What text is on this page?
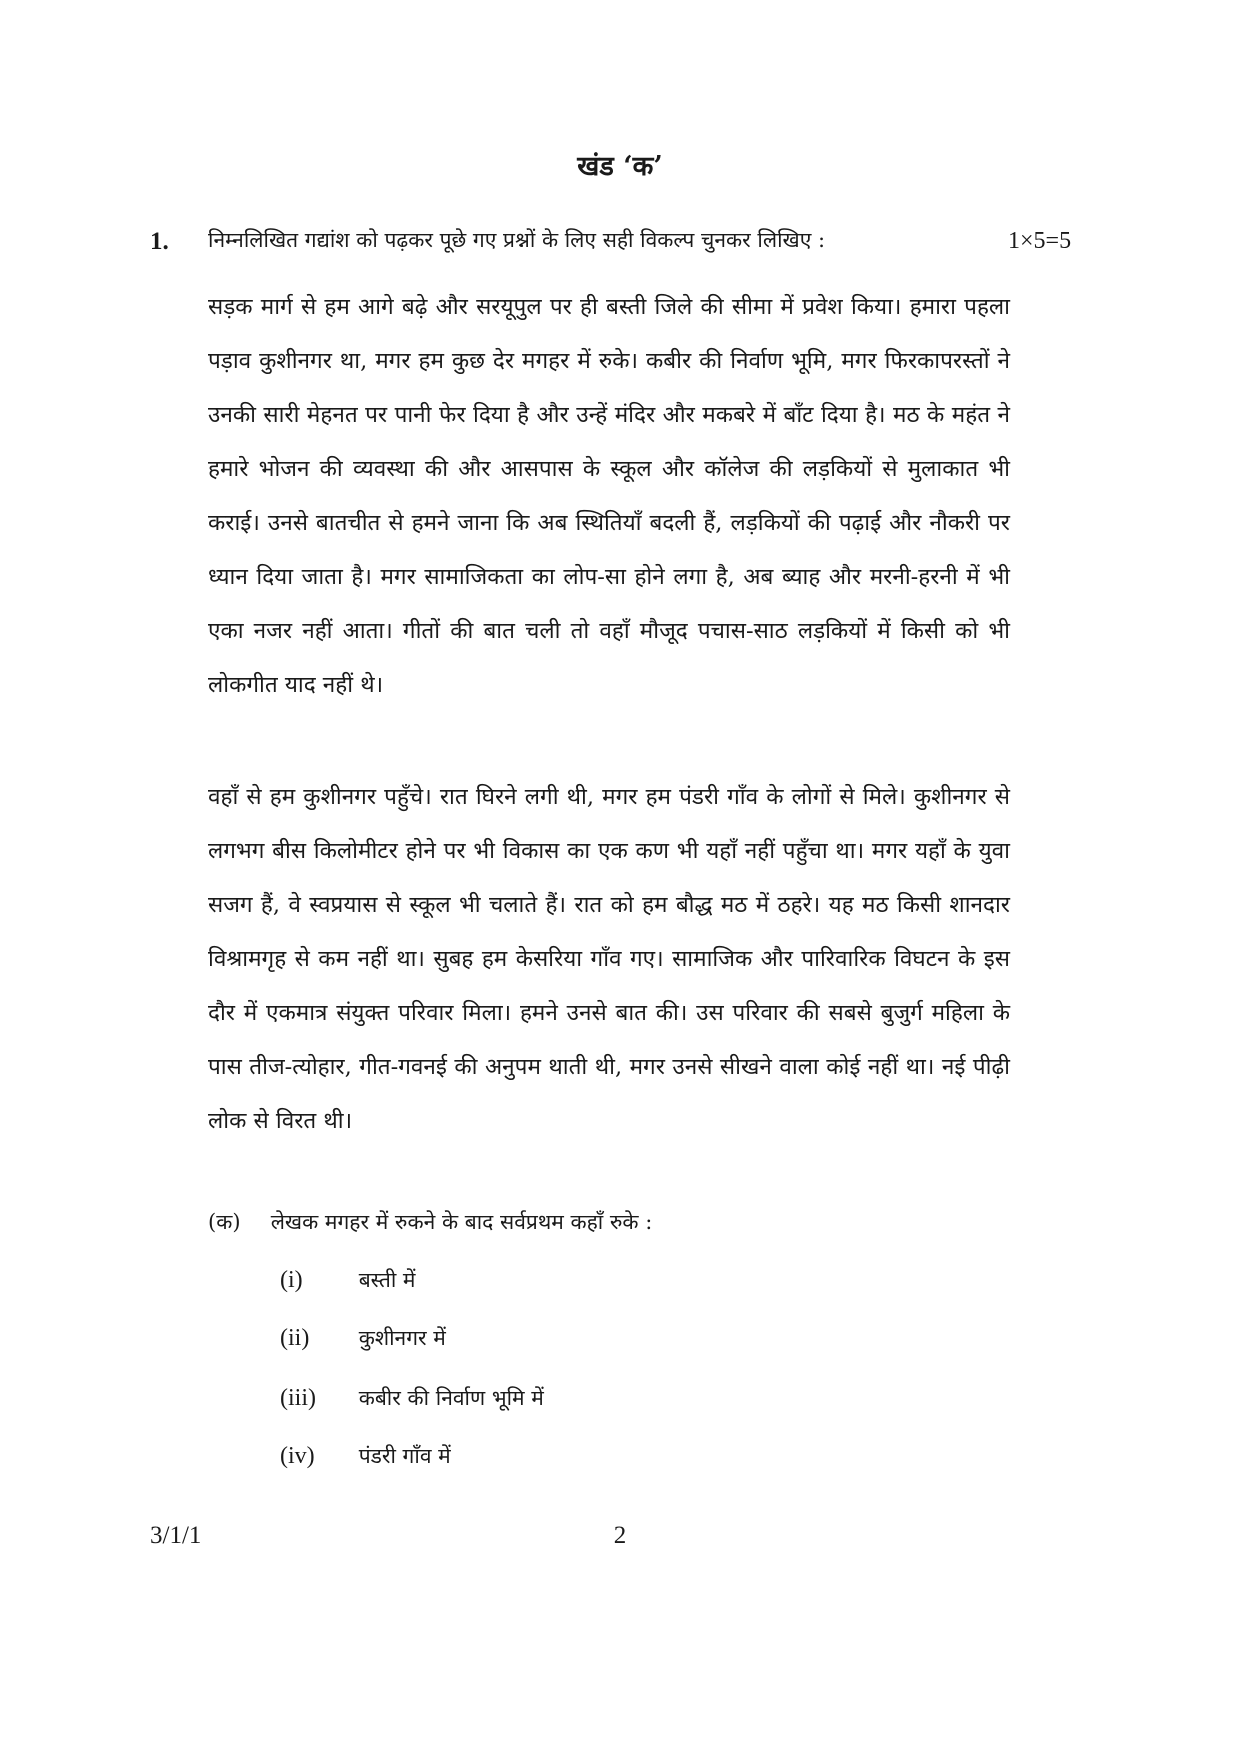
खंड ‘क’
1. निम्नलिखित गद्यांश को पढ़कर पूछे गए प्रश्नों के लिए सही विकल्प चुनकर लिखिए :	1×5=5

सड़क मार्ग से हम आगे बढ़े और सरयूपुल पर ही बस्ती जिले की सीमा में प्रवेश किया। हमारा पहला पड़ाव कुशीनगर था, मगर हम कुछ देर मगहर में रुके। कबीर की निर्वाण भूमि, मगर फिरकापरस्तों ने उनकी सारी मेहनत पर पानी फेर दिया है और उन्हें मंदिर और मकबरे में बाँट दिया है। मठ के महंत ने हमारे भोजन की व्यवस्था की और आसपास के स्कूल और कॉलेज की लड़कियों से मुलाकात भी कराई। उनसे बातचीत से हमने जाना कि अब स्थितियाँ बदली हैं, लड़कियों की पढ़ाई और नौकरी पर ध्यान दिया जाता है। मगर सामाजिकता का लोप-सा होने लगा है, अब ब्याह और मरनी-हरनी में भी एका नजर नहीं आता। गीतों की बात चली तो वहाँ मौजूद पचास-साठ लड़कियों में किसी को भी लोकगीत याद नहीं थे।

वहाँ से हम कुशीनगर पहुँचे। रात घिरने लगी थी, मगर हम पंडरी गाँव के लोगों से मिले। कुशीनगर से लगभग बीस किलोमीटर होने पर भी विकास का एक कण भी यहाँ नहीं पहुँचा था। मगर यहाँ के युवा सजग हैं, वे स्वप्रयास से स्कूल भी चलाते हैं। रात को हम बौद्ध मठ में ठहरे। यह मठ किसी शानदार विश्रामगृह से कम नहीं था। सुबह हम केसरिया गाँव गए। सामाजिक और पारिवारिक विघटन के इस दौर में एकमात्र संयुक्त परिवार मिला। हमने उनसे बात की। उस परिवार की सबसे बुजुर्ग महिला के पास तीज-त्योहार, गीत-गवनई की अनुपम थाती थी, मगर उनसे सीखने वाला कोई नहीं था। नई पीढ़ी लोक से विरत थी।

(क) लेखक मगहर में रुकने के बाद सर्वप्रथम कहाँ रुके :
(i)	बस्ती में
(ii) कुशीनगर में
(iii) कबीर की निर्वाण भूमि में
(iv) पंडरी गाँव में
3/1/1	2
